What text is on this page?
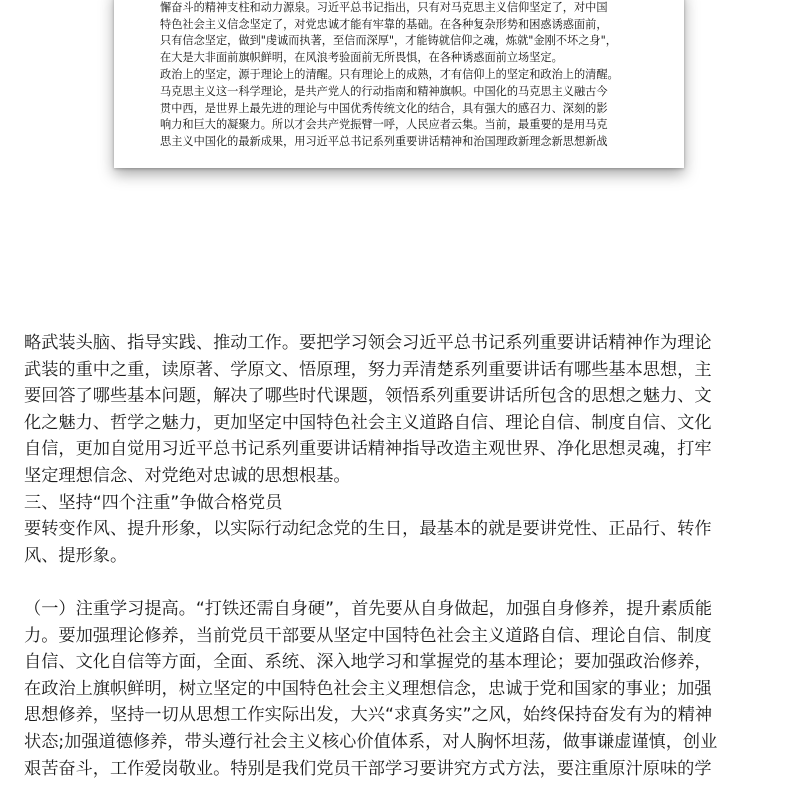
懈奋斗的精神支柱和动力源泉。习近平总书记指出，只有对马克思主义信仰坚定了，对中国
特色社会主义信念坚定了，对党忠诚才能有牢靠的基础。在各种复杂形势和困惑诱惑面前，
只有信念坚定，做到"虔诚而执著，至信而深厚"，才能铸就信仰之魂，炼就"金刚不坏之身"，
在大是大非面前旗帜鲜明，在风浪考验面前无所畏惧，在各种诱惑面前立场坚定。
政治上的坚定，源于理论上的清醒。只有理论上的成熟，才有信仰上的坚定和政治上的清醒。
马克思主义这一科学理论，是共产党人的行动指南和精神旗帜。中国化的马克思主义融古今
贯中西，是世界上最先进的理论与中国优秀传统文化的结合，具有强大的感召力、深刻的影
响力和巨大的凝聚力。所以才会共产党振臂一呼，人民应者云集。当前，最重要的是用马克
思主义中国化的最新成果，用习近平总书记系列重要讲话精神和治国理政新理念新思想新战
略武装头脑、指导实践、推动工作。要把学习领会习近平总书记系列重要讲话精神作为理论
武装的重中之重，读原著、学原文、悟原理，努力弄清楚系列重要讲话有哪些基本思想，主
要回答了哪些基本问题，解决了哪些时代课题，领悟系列重要讲话所包含的思想之魅力、文
化之魅力、哲学之魅力，更加坚定中国特色社会主义道路自信、理论自信、制度自信、文化
自信，更加自觉用习近平总书记系列重要讲话精神指导改造主观世界、净化思想灵魂，打牢
坚定理想信念、对党绝对忠诚的思想根基。
三、坚持“四个注重”争做合格党员
要转变作风、提升形象，以实际行动纪念党的生日，最基本的就是要讲党性、正品行、转作
风、提形象。
（一）注重学习提高。“打铁还需自身硬”，首先要从自身做起，加强自身修养，提升素质能
力。要加强理论修养，当前党员干部要从坚定中国特色社会主义道路自信、理论自信、制度
自信、文化自信等方面，全面、系统、深入地学习和掌握党的基本理论；要加强政治修养，
在政治上旗帜鲜明，树立坚定的中国特色社会主义理想信念，忠诚于党和国家的事业；加强
思想修养，坚持一切从思想工作实际出发，大兴“求真务实”之风，始终保持奋发有为的精神
状态;加强道德修养，带头遵行社会主义核心价值体系，对人胸怀坦荡，做事谦虚谨慎，创业
艰苦奋斗，工作爱岗敬业。特别是我们党员干部学习要讲究方式方法，要注重原汁原味的学
